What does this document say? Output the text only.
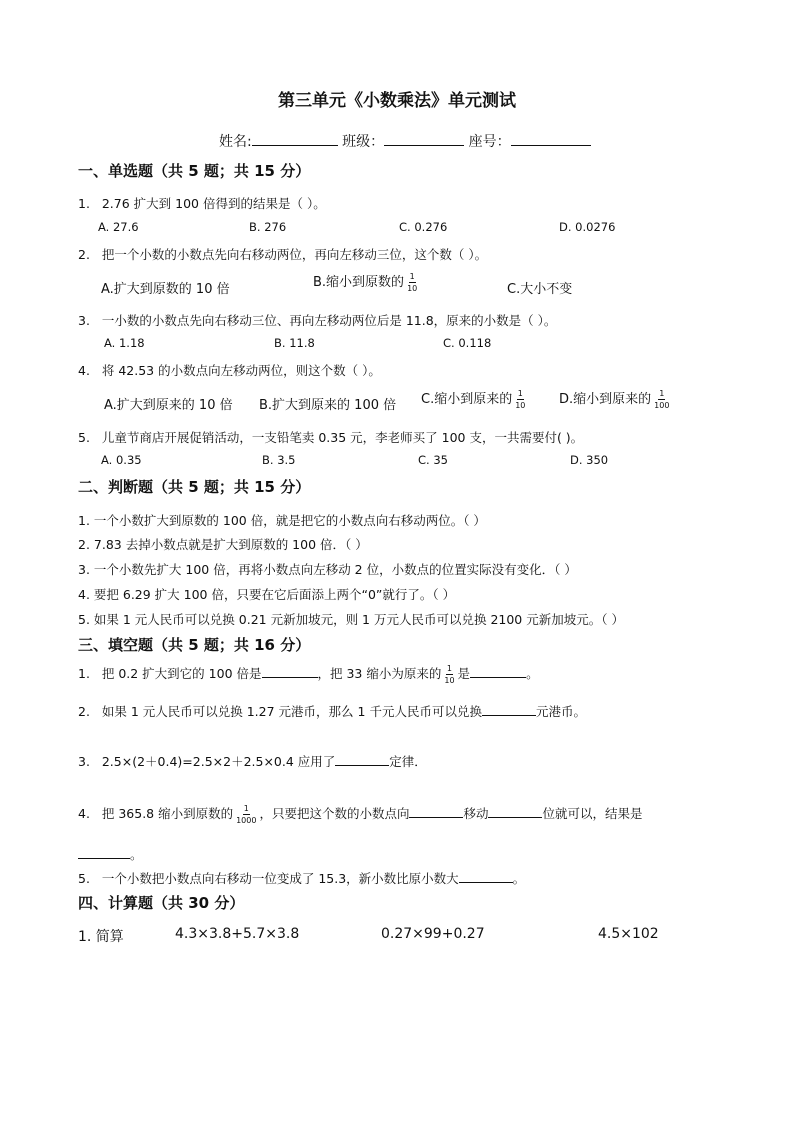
第三单元《小数乘法》单元测试
姓名:	班级：	座号：
一、单选题（共 5 题；共 15 分）
1. 2.76 扩大到 100 倍得到的结果是（ ）。
A. 27.6	B. 276	C. 0.276	D. 0.0276
2. 把一个小数的小数点先向右移动两位，再向左移动三位，这个数（ ）。
A.扩大到原数的 10 倍	B.缩小到原数的 $\frac{1}{10}$	C.大小不变
3. 一小数的小数点先向右移动三位、再向左移动两位后是 11.8，原来的小数是（ ）。
A. 1.18	B. 11.8	C. 0.118
4. 将 42.53 的小数点向左移动两位，则这个数（ ）。
A.扩大到原来的 10 倍 B.扩大到原来的 100 倍 C.缩小到原来的 $\frac{1}{10}$	D.缩小到原来的 $\frac{1}{100}$
5. 儿童节商店开展促销活动，一支铅笔卖 0.35 元，李老师买了 100 支，一共需要付( )。
A. 0.35	B. 3.5	C. 35	D. 350
二、判断题（共 5 题；共 15 分）
1. 一个小数扩大到原数的 100 倍，就是把它的小数点向右移动两位。（ ）
2. 7.83 去掉小数点就是扩大到原数的 100 倍．（ ）
3. 一个小数先扩大 100 倍，再将小数点向左移动 2 位，小数点的位置实际没有变化．（ ）
4. 要把 6.29 扩大 100 倍，只要在它后面添上两个“0”就行了。（ ）
5. 如果 1 元人民币可以兑换 0.21 元新加坡元，则 1 万元人民币可以兑换 2100 元新加坡元。（ ）
三、填空题（共 5 题；共 16 分）
1. 把 0.2 扩大到它的 100 倍是	，把 33 缩小为原来的 $\frac{1}{10}$ 是	。
2. 如果 1 元人民币可以兑换 1.27 元港币，那么 1 千元人民币可以兑换	元港币。
3. 2.5×(2＋0.4)=2.5×2＋2.5×0.4 应用了	定律．
4. 把 365.8 缩小到原数的 $\frac{1}{1000}$ ，只要把这个数的小数点向	移动	位就可以，结果是
。
5. 一个小数把小数点向右移动一位变成了 15.3，新小数比原小数大	。
四、计算题（共 30 分）
1. 简算	4.3×3.8+5.7×3.8	0.27×99+0.27	4.5×102
